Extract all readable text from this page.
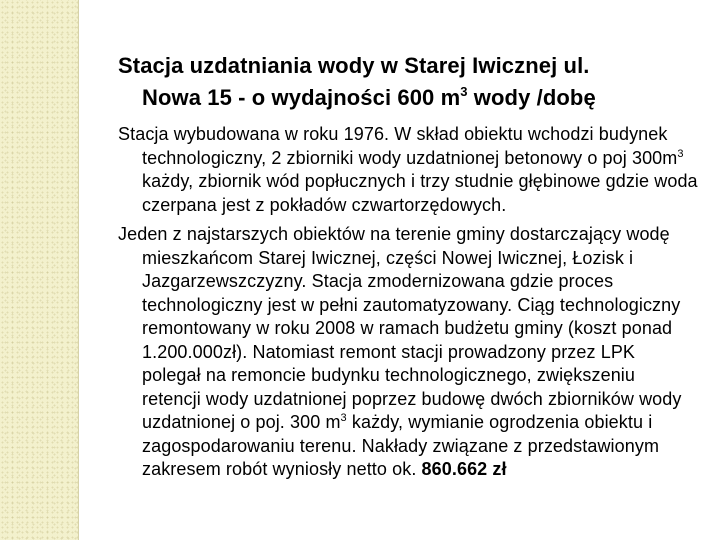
Stacja uzdatniania wody w Starej Iwicznej ul.
Nowa 15 - o wydajności 600 $m^3$ wody /dobę

Stacja wybudowana w roku 1976. W skład obiektu wchodzi budynek technologiczny, 2 zbiorniki wody uzdatnionej betonowy o poj $300m^3$ każdy, zbiornik wód popłucznych i trzy studnie głębinowe gdzie woda czerpana jest z pokładów czwartorzędowych.

Jeden z najstarszych obiektów na terenie gminy dostarczający wodę mieszkańcom Starej Iwicznej, części Nowej Iwicznej, Łozisk i Jazgarzewszczyzny. Stacja zmodernizowana gdzie proces technologiczny jest w pełni zautomatyzowany. Ciąg technologiczny remontowany w roku 2008 w ramach budżetu gminy (koszt ponad 1.200.000zł). Natomiast remont stacji prowadzony przez LPK polegał na remoncie budynku technologicznego, zwiększeniu retencji wody uzdatnionej poprzez budowę dwóch zbiorników wody uzdatnionej o poj. 300 $m^3$ każdy, wymianie ogrodzenia obiektu i zagospodarowaniu terenu. Nakłady związane z przedstawionym zakresem robót wyniosły netto ok. 860.662 zł
